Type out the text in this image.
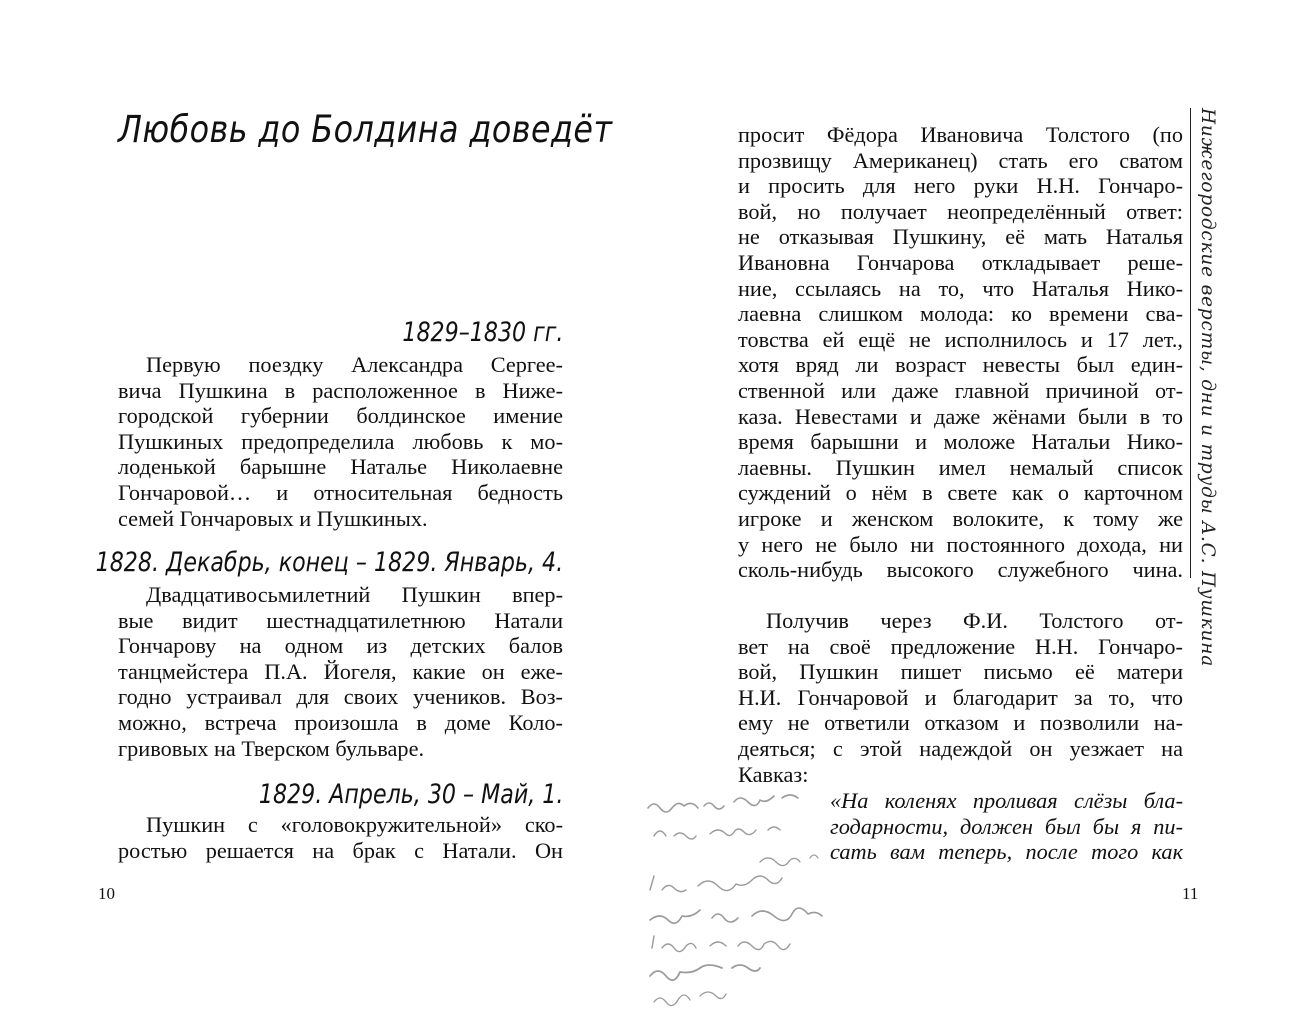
Любовь до Болдина доведёт
1829–1830 гг.
Первую поездку Александра Сергее-
вича Пушкина в расположенное в Ниже-
городской губернии болдинское имение
Пушкиных предопределила любовь к мо-
лоденькой барышне Наталье Николаевне
Гончаровой… и относительная бедность
семей Гончаровых и Пушкиных.
1828. Декабрь, конец – 1829. Январь, 4.
Двадцативосьмилетний Пушкин впер-
вые видит шестнадцатилетнюю Натали
Гончарову на одном из детских балов
танцмейстера П.А. Йогеля, какие он еже-
годно устраивал для своих учеников. Воз-
можно, встреча произошла в доме Коло-
гривовых на Тверском бульваре.
1829. Апрель, 30 – Май, 1.
Пушкин с «головокружительной» ско-
ростью решается на брак с Натали. Он
10
Нижегородские версты, дни и труды А.С. Пушкина
просит Фёдора Ивановича Толстого (по
прозвищу Американец) стать его сватом
и просить для него руки Н.Н. Гончаро-
вой, но получает неопределённый ответ:
не отказывая Пушкину, её мать Наталья
Ивановна Гончарова откладывает реше-
ние, ссылаясь на то, что Наталья Нико-
лаевна слишком молода: ко времени сва-
товства ей ещё не исполнилось и 17 лет.,
хотя вряд ли возраст невесты был един-
ственной или даже главной причиной от-
каза. Невестами и даже жёнами были в то
время барышни и моложе Натальи Нико-
лаевны. Пушкин имел немалый список
суждений о нём в свете как о карточном
игроке и женском волоките, к тому же
у него не было ни постоянного дохода, ни
сколь-нибудь высокого служебного чина.
Получив через Ф.И. Толстого от-
вет на своё предложение Н.Н. Гончаро-
вой, Пушкин пишет письмо её матери
Н.И. Гончаровой и благодарит за то, что
ему не ответили отказом и позволили на-
деяться; с этой надеждой он уезжает на
Кавказ:
«На коленях проливая слёзы бла-
годарности, должен был бы я пи-
сать вам теперь, после того как
11
